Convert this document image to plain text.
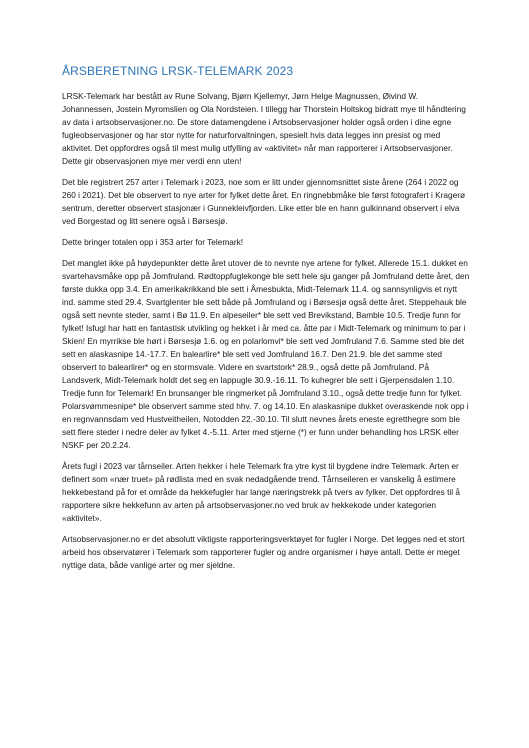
ÅRSBERETNING LRSK-TELEMARK 2023

LRSK-Telemark har bestått av Rune Solvang, Bjørn Kjellemyr, Jørn Helge Magnussen, Øivind W. Johannessen, Jostein Myromslien og Ola Nordsteien. I tillegg har Thorstein Holtskog bidratt mye til håndtering av data i artsobservasjoner.no. De store datamengdene i Artsobservasjoner holder også orden i dine egne fugleobservasjoner og har stor nytte for naturforvaltningen, spesielt hvis data legges inn presist og med aktivitet. Det oppfordres også til mest mulig utfylling av «aktivitet» når man rapporterer i Artsobservasjoner. Dette gir observasjonen mye mer verdi enn uten!

Det ble registrert 257 arter i Telemark i 2023, noe som er litt under gjennomsnittet siste årene (264 i 2022 og 260 i 2021). Det ble observert to nye arter for fylket dette året. En ringnebbmåke ble først fotografert i Kragerø sentrum, deretter observert stasjonær i Gunnekleivfjorden. Like etter ble en hann gulkinnand observert i elva ved Borgestad og litt senere også i Børsesjø.

Dette bringer totalen opp i 353 arter for Telemark!

Det manglet ikke på høydepunkter dette året utover de to nevnte nye artene for fylket. Allerede 15.1. dukket en svartehavsmåke opp på Jomfruland. Rødtoppfuglekonge ble sett hele sju ganger på Jomfruland dette året, den første dukka opp 3.4. En amerikakrikkand ble sett i Åmesbukta, Midt-Telemark 11.4. og sannsynligvis et nytt ind. samme sted 29.4. Svartglenter ble sett både på Jomfruland og i Børsesjø også dette året. Steppehauk ble også sett nevnte steder, samt i Bø 11.9. En alpeseiler* ble sett ved Brevikstand, Bamble 10.5. Tredje funn for fylket! Isfugl har hatt en fantastisk utvikling og hekket i år med ca. åtte par i Midt-Telemark og minimum to par i Skien! En myrrikse ble hørt i Børsesjø 1.6. og en polarlomvi* ble sett ved Jomfruland 7.6. Samme sted ble det sett en alaskasnipe 14.-17.7. En balearlire* ble sett ved Jomfruland 16.7. Den 21.9. ble det samme sted observert to balearlirer* og en stormsvale. Videre en svartstork* 28.9., også dette på Jomfruland. På Landsverk, Midt-Telemark holdt det seg en lappugle 30.9.-16.11. To kuhegrer ble sett i Gjerpensdalen 1.10. Tredje funn for Telemark! En brunsanger ble ringmerket på Jomfruland 3.10., også dette tredje funn for fylket. Polarsvømmesnipe* ble observert samme sted hhv. 7. og 14.10. En alaskasnipe dukket overaskende nok opp i en regnvannsdam ved Hustveitheilen, Notodden 22.-30.10. Til slutt nevnes årets eneste egretthegre som ble sett flere steder i nedre deler av fylket 4.-5.11. Arter med stjerne (*) er funn under behandling hos LRSK eller NSKF per 20.2.24.

Årets fugl i 2023 var tårnseiler. Arten hekker i hele Telemark fra ytre kyst til bygdene indre Telemark. Arten er definert som «nær truet» på rødlista med en svak nedadgående trend. Tårnseileren er vanskelig å estimere hekkebestand på for et område da hekkefugler har lange næringstrekk på tvers av fylker. Det oppfordres til å rapportere sikre hekkefunn av arten på artsobservasjoner.no ved bruk av hekkekode under kategorien «aktivitet».

Artsobservasjoner.no er det absolutt viktigste rapporteringsverktøyet for fugler i Norge. Det legges ned et stort arbeid hos observatører i Telemark som rapporterer fugler og andre organismer i høye antall. Dette er meget nyttige data, både vanlige arter og mer sjeldne.
